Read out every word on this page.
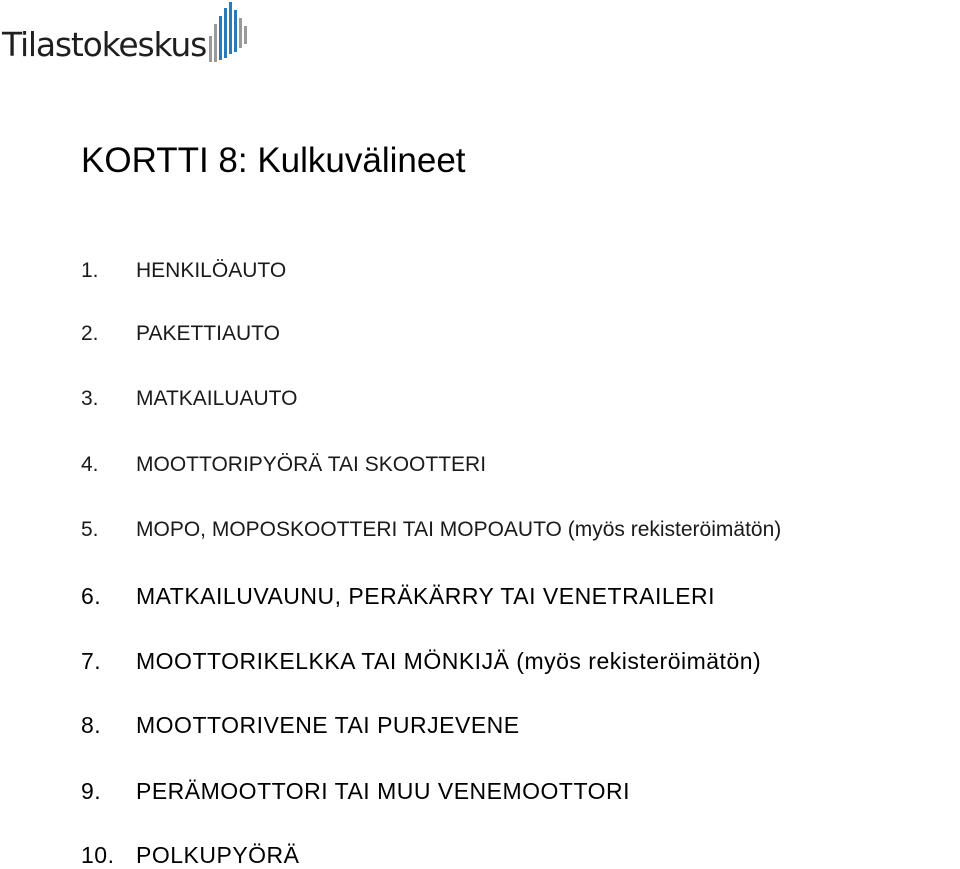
Tilastokeskus
KORTTI 8: Kulkuvälineet
1. HENKILÖAUTO
2. PAKETTIAUTO
3. MATKAILUAUTO
4. MOOTTORIPYÖRÄ TAI SKOOTTERI
5. MOPO, MOPOSKOOTTERI TAI MOPOAUTO (myös rekisteröimätön)
6. MATKAILUVAUNU, PERÄKÄRRY TAI VENETRAILERI
7. MOOTTORIKELKKA TAI MÖNKIJÄ (myös rekisteröimätön)
8. MOOTTORIVENE TAI PURJEVENE
9. PERÄMOOTTORI TAI MUU VENEMOOTTORI
10. POLKUPYÖRÄ
